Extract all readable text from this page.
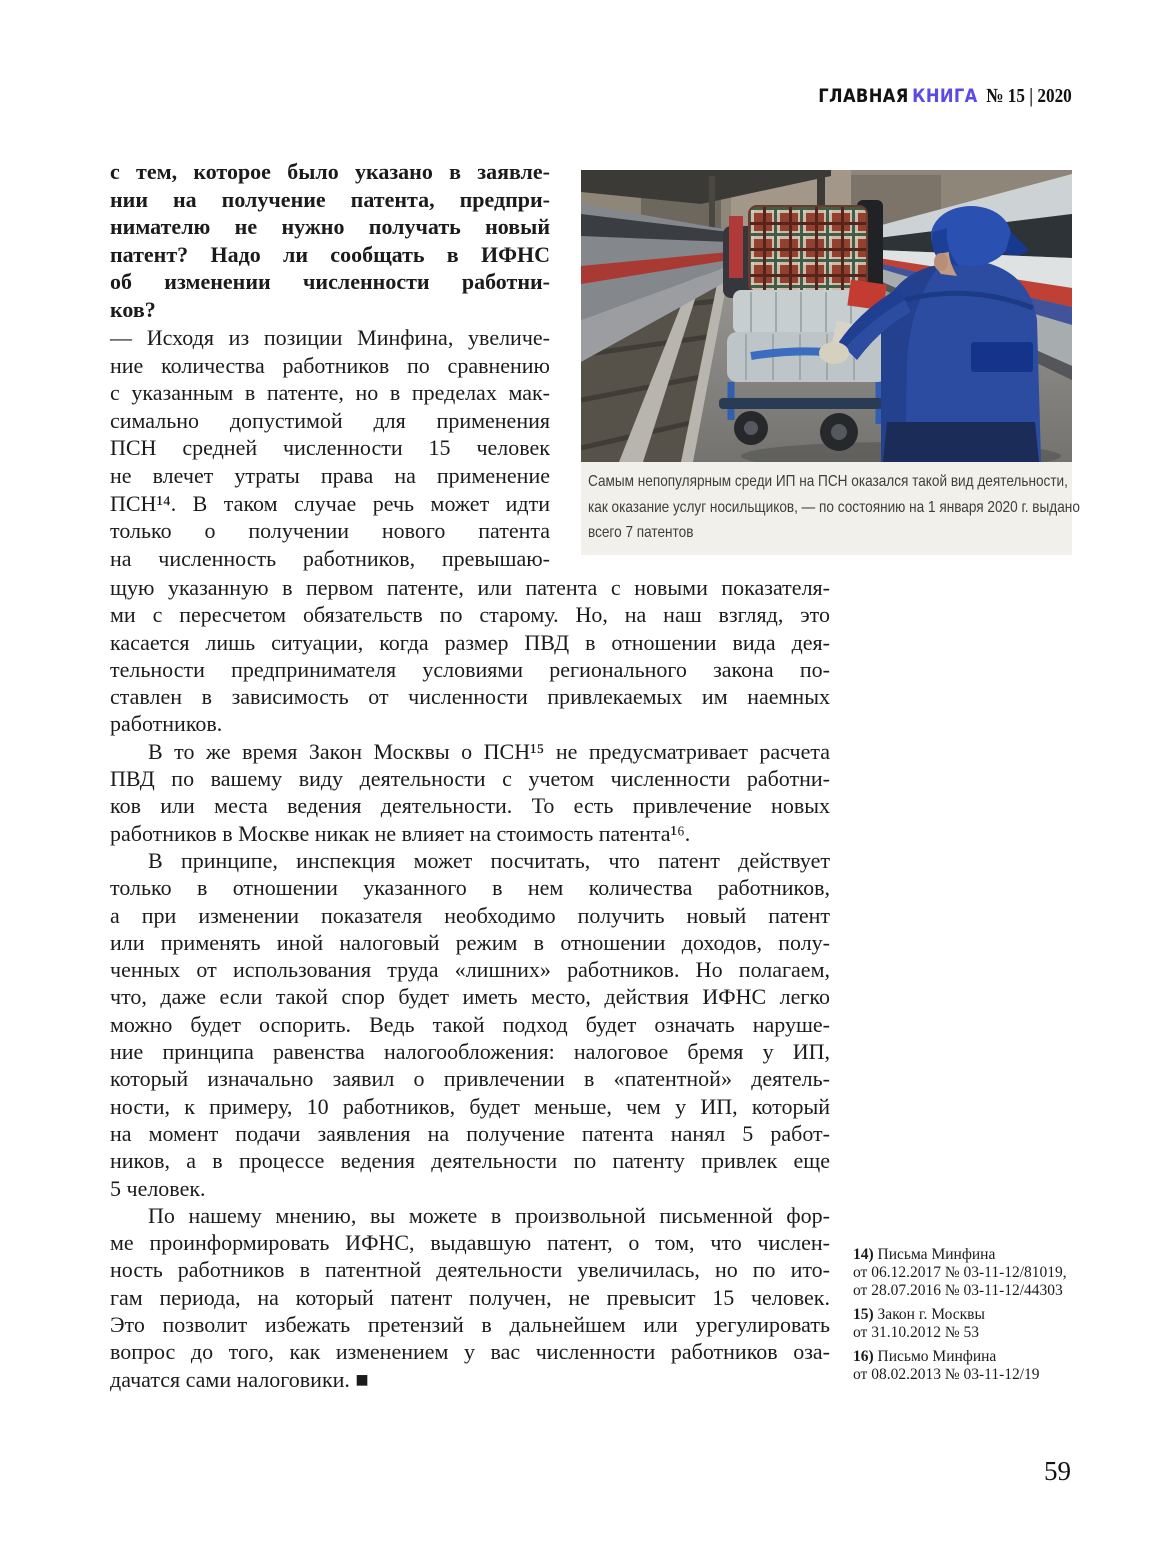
ГЛАВНАЯ КНИГА № 15 | 2020
с тем, которое было указано в заявле-
нии на получение патента, предпри-
нимателю не нужно получать новый
патент? Надо ли сообщать в ИФНС
об изменении численности работни-
ков?
— Исходя из позиции Минфина, увеличе-
ние количества работников по сравнению
с указанным в патенте, но в пределах мак-
симально допустимой для применения
ПСН средней численности 15 человек
не влечет утраты права на применение
ПСН¹⁴. В таком случае речь может идти
только о получении нового патента
на численность работников, превышаю-
щую указанную в первом патенте, или патента с новыми показателя-
ми с пересчетом обязательств по старому. Но, на наш взгляд, это
касается лишь ситуации, когда размер ПВД в отношении вида дея-
тельности предпринимателя условиями регионального закона по-
ставлен в зависимость от численности привлекаемых им наемных
работников.
В то же время Закон Москвы о ПСН¹⁵ не предусматривает расчета
ПВД по вашему виду деятельности с учетом численности работни-
ков или места ведения деятельности. То есть привлечение новых
работников в Москве никак не влияет на стоимость патента¹⁶.
В принципе, инспекция может посчитать, что патент действует
только в отношении указанного в нем количества работников,
а при изменении показателя необходимо получить новый патент
или применять иной налоговый режим в отношении доходов, полу-
ченных от использования труда «лишних» работников. Но полагаем,
что, даже если такой спор будет иметь место, действия ИФНС легко
можно будет оспорить. Ведь такой подход будет означать наруше-
ние принципа равенства налогообложения: налоговое бремя у ИП,
который изначально заявил о привлечении в «патентной» деятель-
ности, к примеру, 10 работников, будет меньше, чем у ИП, который
на момент подачи заявления на получение патента нанял 5 работ-
ников, а в процессе ведения деятельности по патенту привлек еще
5 человек.
По нашему мнению, вы можете в произвольной письменной фор-
ме проинформировать ИФНС, выдавшую патент, о том, что числен-
ность работников в патентной деятельности увеличилась, но по ито-
гам периода, на который патент получен, не превысит 15 человек.
Это позволит избежать претензий в дальнейшем или урегулировать
вопрос до того, как изменением у вас численности работников оза-
дачатся сами налоговики. ■
Самым непопулярным среди ИП на ПСН оказался такой вид деятельности,
как оказание услуг носильщиков, — по состоянию на 1 января 2020 г. выдано
всего 7 патентов
14) Письма Минфина
от 06.12.2017 № 03-11-12/81019,
от 28.07.2016 № 03-11-12/44303
15) Закон г. Москвы
от 31.10.2012 № 53
16) Письмо Минфина
от 08.02.2013 № 03-11-12/19
59
